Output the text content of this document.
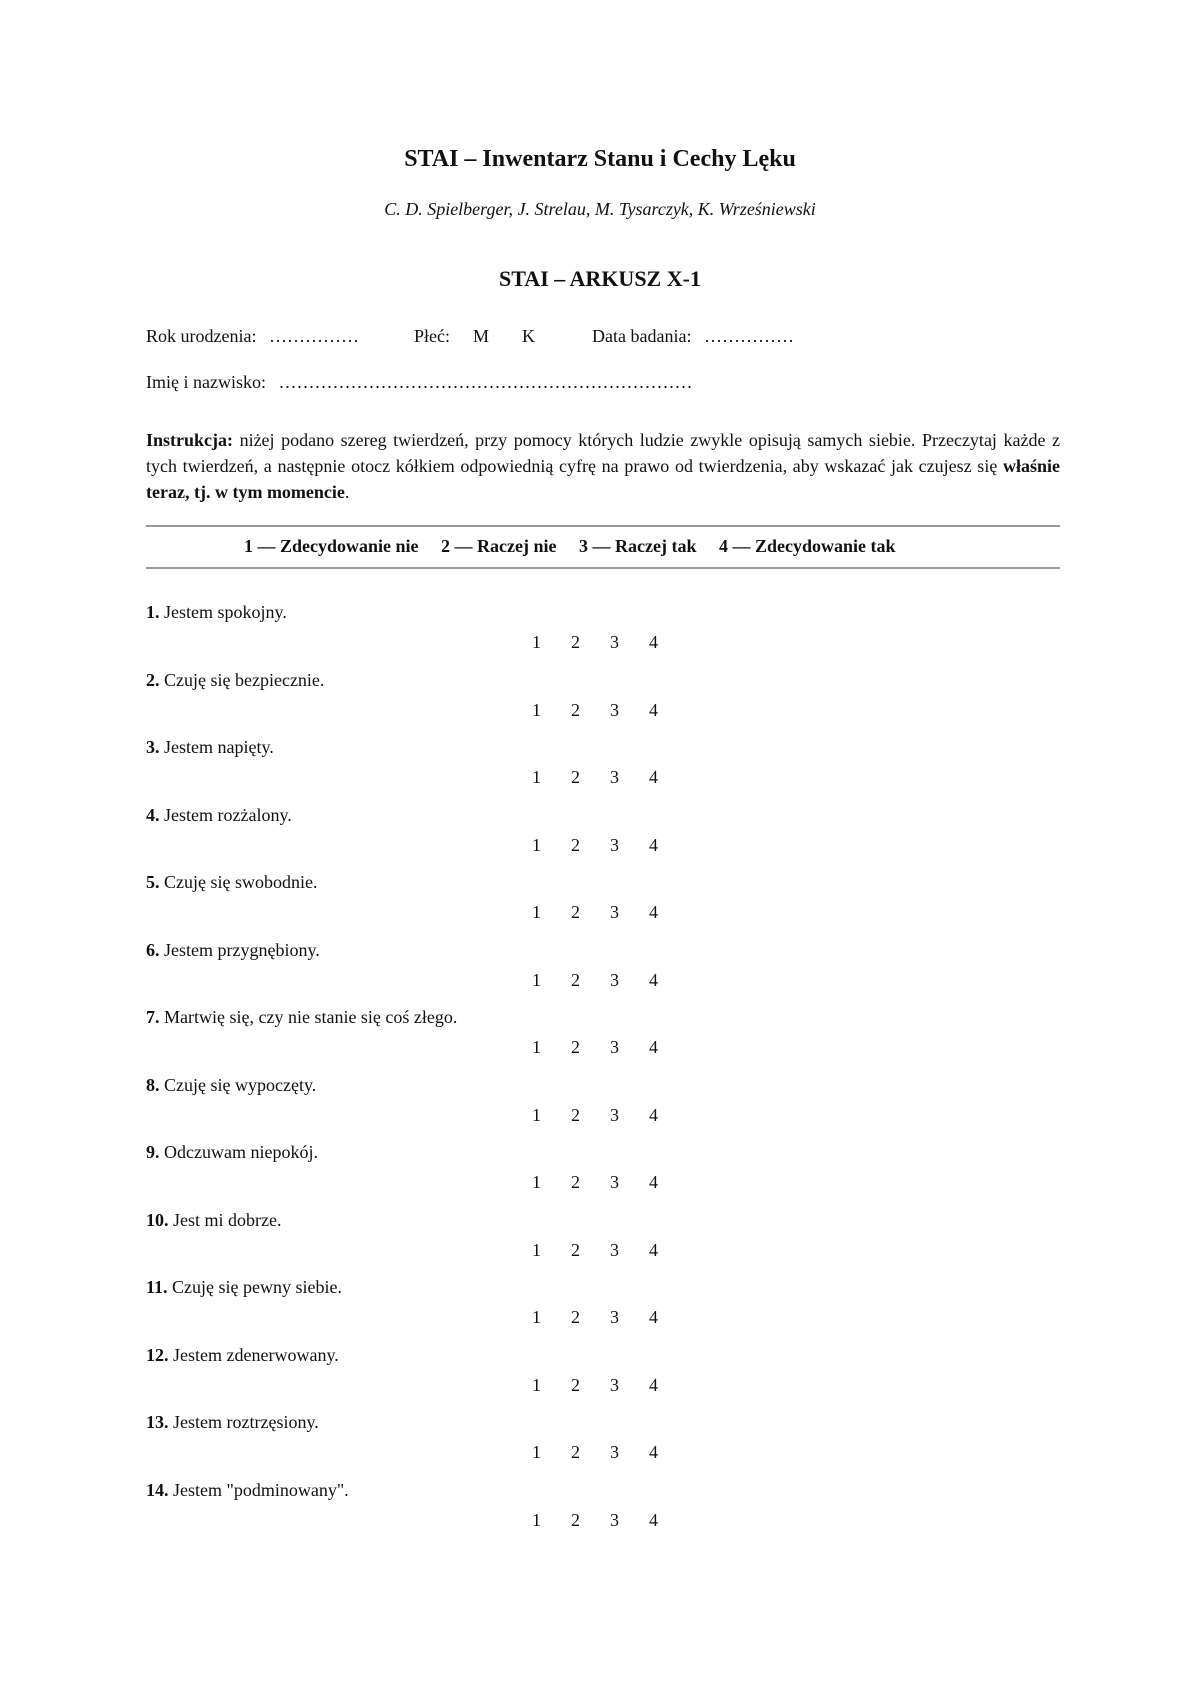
STAI – Inwentarz Stanu i Cechy Lęku
C. D. Spielberger, J. Strelau, M. Tysarczyk, K. Wrześniewski
STAI – ARKUSZ X-1
Rok urodzenia: ……………	Płeć: M K	Data badania: ……………
Imię i nazwisko: ……………………………………………………………
Instrukcja: niżej podano szereg twierdzeń, przy pomocy których ludzie zwykle opisują samych siebie. Przeczytaj każde z tych twierdzeń, a następnie otocz kółkiem odpowiednią cyfrę na prawo od twierdzenia, aby wskazać jak czujesz się właśnie teraz, tj. w tym momencie.
1 — Zdecydowanie nie 2 — Raczej nie 3 — Raczej tak 4 — Zdecydowanie tak
1. Jestem spokojny.
1 2 3 4
2. Czuję się bezpiecznie.
1 2 3 4
3. Jestem napięty.
1 2 3 4
4. Jestem rozżalony.
1 2 3 4
5. Czuję się swobodnie.
1 2 3 4
6. Jestem przygnębiony.
1 2 3 4
7. Martwię się, czy nie stanie się coś złego.
1 2 3 4
8. Czuję się wypoczęty.
1 2 3 4
9. Odczuwam niepokój.
1 2 3 4
10. Jest mi dobrze.
1 2 3 4
11. Czuję się pewny siebie.
1 2 3 4
12. Jestem zdenerwowany.
1 2 3 4
13. Jestem roztrzęsiony.
1 2 3 4
14. Jestem "podminowany".
1 2 3 4
